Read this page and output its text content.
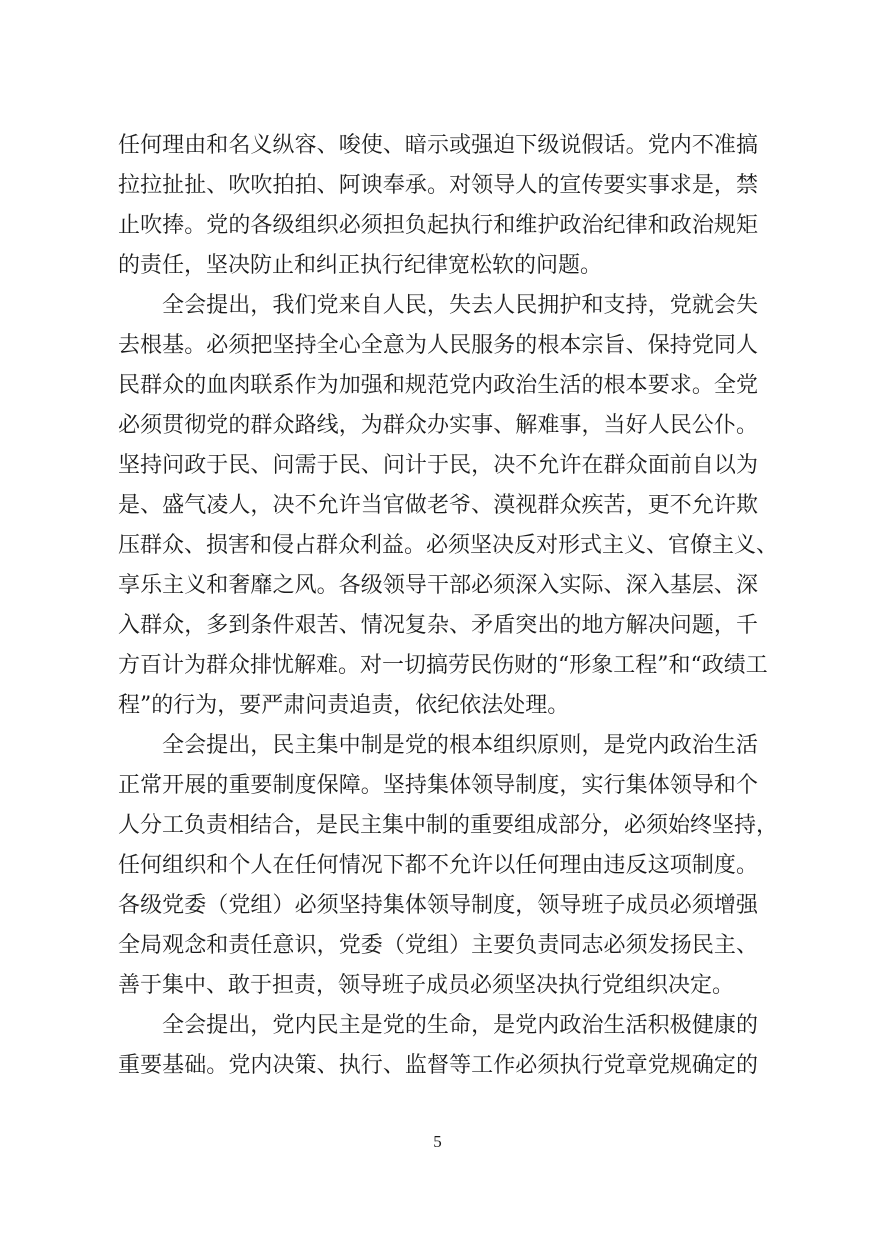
任何理由和名义纵容、唆使、暗示或强迫下级说假话。党内不准搞
拉拉扯扯、吹吹拍拍、阿谀奉承。对领导人的宣传要实事求是，禁
止吹捧。党的各级组织必须担负起执行和维护政治纪律和政治规矩
的责任，坚决防止和纠正执行纪律宽松软的问题。
全会提出，我们党来自人民，失去人民拥护和支持，党就会失
去根基。必须把坚持全心全意为人民服务的根本宗旨、保持党同人
民群众的血肉联系作为加强和规范党内政治生活的根本要求。全党
必须贯彻党的群众路线，为群众办实事、解难事，当好人民公仆。
坚持问政于民、问需于民、问计于民，决不允许在群众面前自以为
是、盛气凌人，决不允许当官做老爷、漠视群众疾苦，更不允许欺
压群众、损害和侵占群众利益。必须坚决反对形式主义、官僚主义、
享乐主义和奢靡之风。各级领导干部必须深入实际、深入基层、深
入群众，多到条件艰苦、情况复杂、矛盾突出的地方解决问题，千
方百计为群众排忧解难。对一切搞劳民伤财的“形象工程”和“政绩工
程”的行为，要严肃问责追责，依纪依法处理。
全会提出，民主集中制是党的根本组织原则，是党内政治生活
正常开展的重要制度保障。坚持集体领导制度，实行集体领导和个
人分工负责相结合，是民主集中制的重要组成部分，必须始终坚持，
任何组织和个人在任何情况下都不允许以任何理由违反这项制度。
各级党委（党组）必须坚持集体领导制度，领导班子成员必须增强
全局观念和责任意识，党委（党组）主要负责同志必须发扬民主、
善于集中、敢于担责，领导班子成员必须坚决执行党组织决定。
全会提出，党内民主是党的生命，是党内政治生活积极健康的
重要基础。党内决策、执行、监督等工作必须执行党章党规确定的
5
